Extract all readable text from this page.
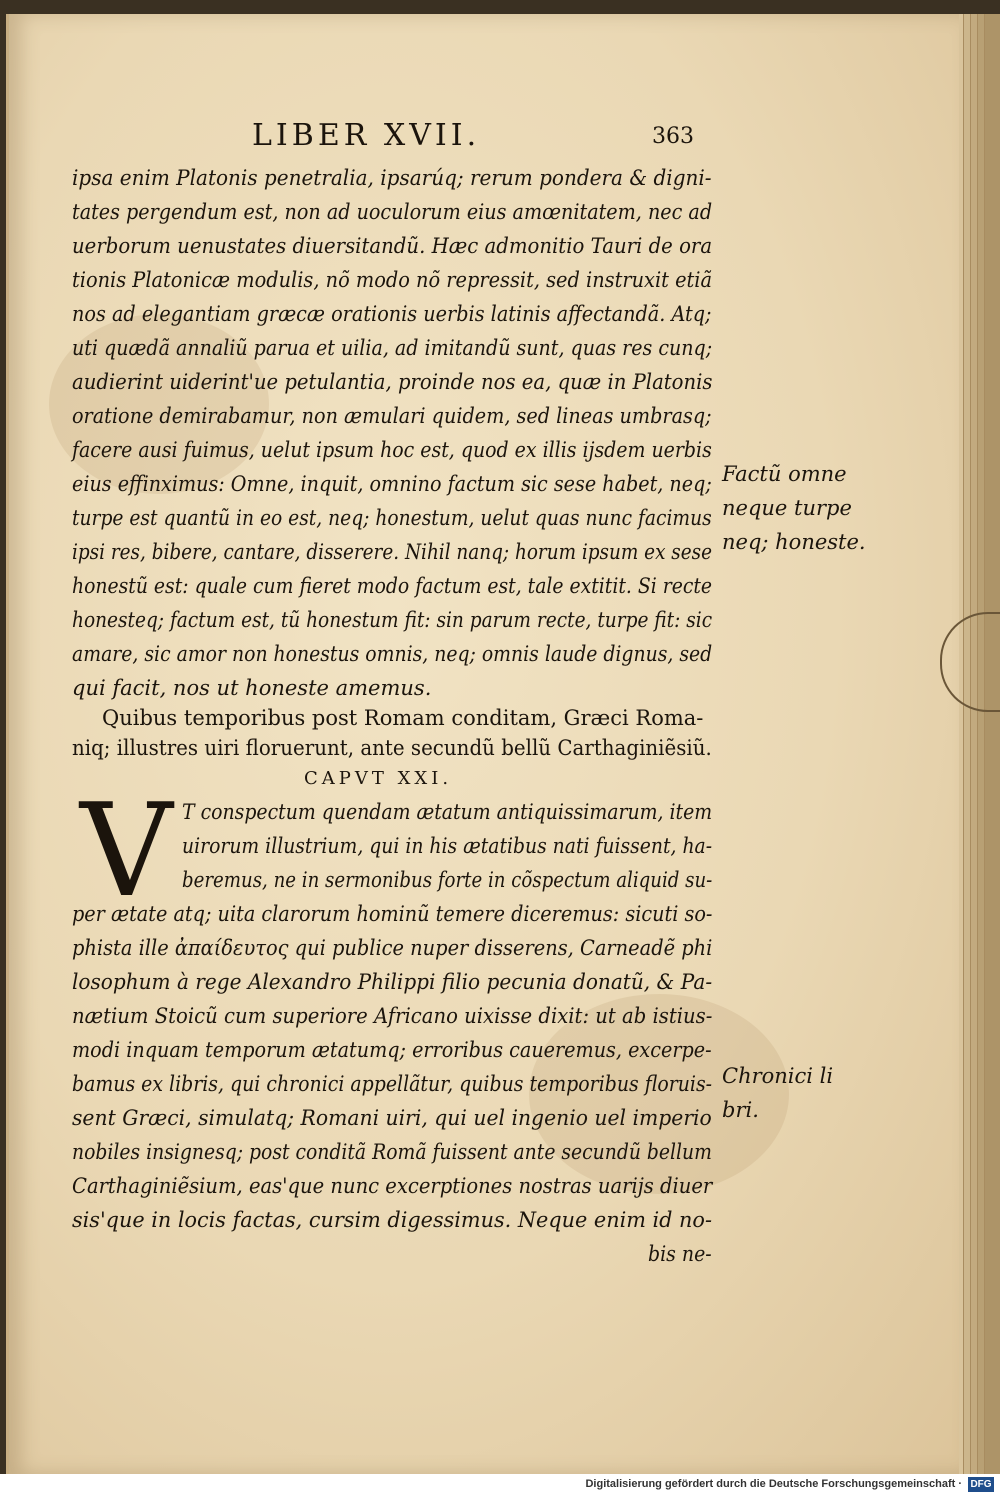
LIBER XVII.	363
ipsa enim Platonis penetralia, ipsarúq; rerum pondera & digni-
tates pergendum est, non ad uoculorum eius amœnitatem, nec ad
uerborum uenustates diuersitandũ. Hæc admonitio Tauri de ora
tionis Platonicæ modulis, nõ modo nõ repressit, sed instruxit etiã
nos ad elegantiam græcæ orationis uerbis latinis affectandã. Atq;
uti quædã annaliũ parua et uilia, ad imitandũ sunt, quas res cunq;
audierint uiderint'ue petulantia, proinde nos ea, quæ in Platonis
oratione demirabamur, non æmulari quidem, sed lineas umbrasq;
facere ausi fuimus, uelut ipsum hoc est, quod ex illis ijsdem uerbis
eius effinximus: Omne, inquit, omnino factum sic sese habet, neq;
turpe est quantũ in eo est, neq; honestum, uelut quas nunc facimus
ipsi res, bibere, cantare, disserere. Nihil nanq; horum ipsum ex sese
honestũ est: quale cum fieret modo factum est, tale extitit. Si recte
honesteq; factum est, tũ honestum fit: sin parum recte, turpe fit: sic
amare, sic amor non honestus omnis, neq; omnis laude dignus, sed
qui facit, nos ut honeste amemus.
Factũ omne
neque turpe
neq; honeste.
Chronici li
bri.
Quibus temporibus post Romam conditam, Græci Roma-
niq; illustres uiri floruerunt, ante secundũ bellũ Carthaginiẽsiũ.
CAPVT XXI.
V T conspectum quendam ætatum antiquissimarum, item
uirorum illustrium, qui in his ætatibus nati fuissent, ha-
beremus, ne in sermonibus forte in cõspectum aliquid su-
per ætate atq; uita clarorum hominũ temere diceremus: sicuti so-
phista ille ἀπαίδευτος qui publice nuper disserens, Carneadẽ phi
losophum à rege Alexandro Philippi filio pecunia donatũ, & Pa-
nætium Stoicũ cum superiore Africano uixisse dixit: ut ab istius-
modi inquam temporum ætatumq; erroribus caueremus, excerpe-
bamus ex libris, qui chronici appellãtur, quibus temporibus floruis-
sent Græci, simulatq; Romani uiri, qui uel ingenio uel imperio
nobiles insignesq; post conditã Romã fuissent ante secundũ bellum
Carthaginiẽsium, eas'que nunc excerptiones nostras uarijs diuer
sis'que in locis factas, cursim digessimus. Neque enim id no-
bis ne-
Digitalisierung gefördert durch die Deutsche Forschungsgemeinschaft · DFG
